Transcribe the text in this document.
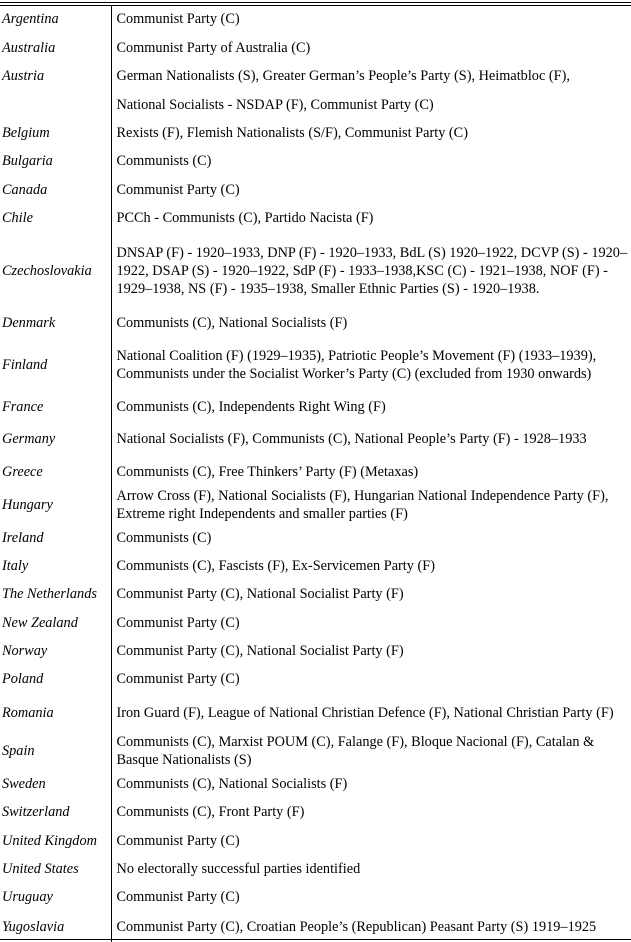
Argentina	Communist Party (C)
Australia	Communist Party of Australia (C)
Austria	German Nationalists (S), Greater German’s People’s Party (S), Heimatbloc (F),
	National Socialists - NSDAP (F), Communist Party (C)
Belgium	Rexists (F), Flemish Nationalists (S/F), Communist Party (C)
Bulgaria	Communists (C)
Canada	Communist Party (C)
Chile	PCCh - Communists (C), Partido Nacista (F)
Czechoslovakia	DNSAP (F) - 1920–1933, DNP (F) - 1920–1933, BdL (S) 1920–1922, DCVP (S) - 1920–1922, DSAP (S) - 1920–1922, SdP (F) - 1933–1938,KSC (C) - 1921–1938, NOF (F) - 1929–1938, NS (F) - 1935–1938, Smaller Ethnic Parties (S) - 1920–1938.
Denmark	Communists (C), National Socialists (F)
Finland	National Coalition (F) (1929–1935), Patriotic People’s Movement (F) (1933–1939), Communists under the Socialist Worker’s Party (C) (excluded from 1930 onwards)
France	Communists (C), Independents Right Wing (F)
Germany	National Socialists (F), Communists (C), National People’s Party (F) - 1928–1933
Greece	Communists (C), Free Thinkers’ Party (F) (Metaxas)
Hungary	Arrow Cross (F), National Socialists (F), Hungarian National Independence Party (F), Extreme right Independents and smaller parties (F)
Ireland	Communists (C)
Italy	Communists (C), Fascists (F), Ex-Servicemen Party (F)
The Netherlands	Communist Party (C), National Socialist Party (F)
New Zealand	Communist Party (C)
Norway	Communist Party (C), National Socialist Party (F)
Poland	Communist Party (C)
Romania	Iron Guard (F), League of National Christian Defence (F), National Christian Party (F)
Spain	Communists (C), Marxist POUM (C), Falange (F), Bloque Nacional (F), Catalan & Basque Nationalists (S)
Sweden	Communists (C), National Socialists (F)
Switzerland	Communists (C), Front Party (F)
United Kingdom	Communist Party (C)
United States	No electorally successful parties identified
Uruguay	Communist Party (C)
Yugoslavia	Communist Party (C), Croatian People’s (Republican) Peasant Party (S) 1919–1925
